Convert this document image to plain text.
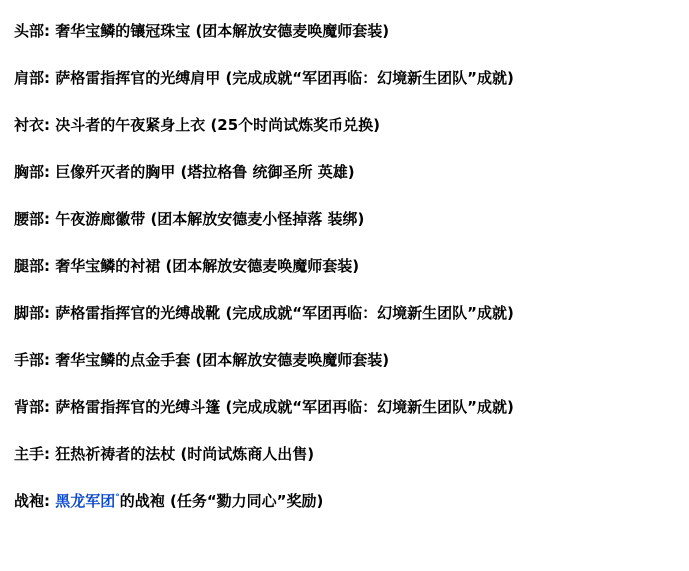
头部: 奢华宝鳞的镶冠珠宝 (团本解放安德麦唤魔师套装)
肩部: 萨格雷指挥官的光缚肩甲 (完成成就“军团再临：幻境新生团队”成就)
衬衣: 决斗者的午夜紧身上衣 (25个时尚试炼奖币兑换)
胸部: 巨像歼灭者的胸甲 (塔拉格鲁 统御圣所 英雄)
腰部: 午夜游廊徽带 (团本解放安德麦小怪掉落 装绑)
腿部: 奢华宝鳞的衬裙 (团本解放安德麦唤魔师套装)
脚部: 萨格雷指挥官的光缚战靴 (完成成就“军团再临：幻境新生团队”成就)
手部: 奢华宝鳞的点金手套 (团本解放安德麦唤魔师套装)
背部: 萨格雷指挥官的光缚斗篷 (完成成就“军团再临：幻境新生团队”成就)
主手: 狂热祈祷者的法杖 (时尚试炼商人出售)
战袍: 黑龙军团°的战袍 (任务“勠力同心”奖励)
